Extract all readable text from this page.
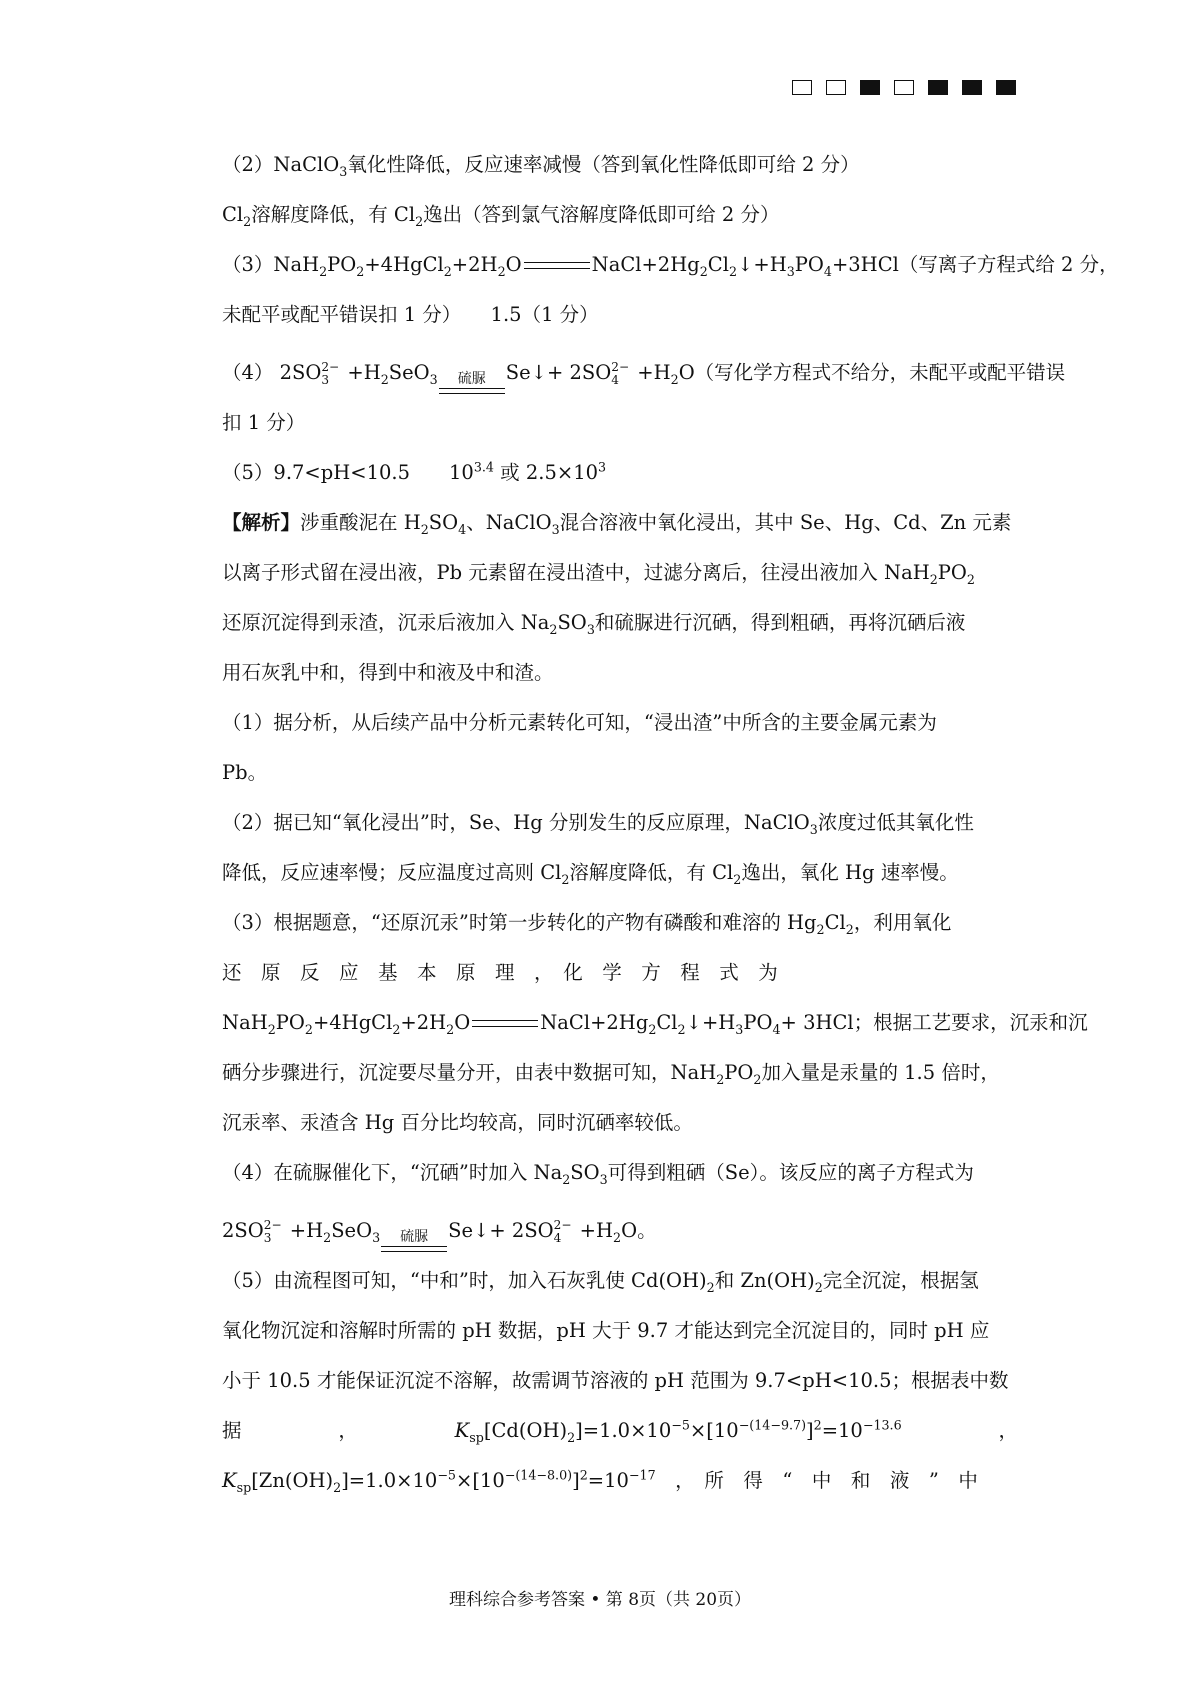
（2）NaClO$_3$氧化性降低，反应速率减慢（答到氧化性降低即可给 2 分）
$Cl_2$溶解度降低，有 $Cl_2$逸出（答到氯气溶解度降低即可给 2 分）
$(3)NaH_2PO_2+4HgCl_2+2H_2O$	$NaCl+2Hg_2Cl_2↓+H_3PO_4+3HCl$（写离子方程式给 2 分，
未配平或配平错误扣 1 分）　　1.5（1 分）
（4） 2SO 2−
$3 +H_2SeO_3$ 硫脲 Se↓+ 2SO 2−
$4 +H_2O$（写化学方程式不给分，未配平或配平错误
扣 1 分）
（5）9.7<pH<10.5　　$10^{3.4}$ 或 $2.5\times 10^3$
【解析】涉重酸泥在 $H_2SO_4$、NaClO$_3$混合溶液中氧化浸出，其中 Se、Hg、Cd、Zn 元素
以离子形式留在浸出液，Pb 元素留在浸出渣中，过滤分离后，往浸出液加入 $NaH_2PO_2$
还原沉淀得到汞渣，沉汞后液加入 $Na_2SO_3$和硫脲进行沉硒，得到粗硒，再将沉硒后液
用石灰乳中和，得到中和液及中和渣。
（1）据分析，从后续产品中分析元素转化可知，“浸出渣”中所含的主要金属元素为
Pb。
（2）据已知“氧化浸出”时，Se、Hg 分别发生的反应原理，NaClO$_3$浓度过低其氧化性
降低，反应速率慢；反应温度过高则 $Cl_2$溶解度降低，有 $Cl_2$逸出，氧化 Hg 速率慢。
（3）根据题意，“还原沉汞”时第一步转化的产物有磷酸和难溶的 $Hg_2Cl_2$，利用氧化
还　原　反　应　基　本　原　理　，　化　学　方　程　式　为
$NaH_2PO_2+4HgCl_2+2H_2O$	$NaCl+2Hg_2Cl_2↓+H_3PO_4+ 3HCl$；根据工艺要求，沉汞和沉
硒分步骤进行，沉淀要尽量分开，由表中数据可知，$NaH_2PO_2$加入量是汞量的 1.5 倍时，
沉汞率、汞渣含 Hg 百分比均较高，同时沉硒率较低。
（4）在硫脲催化下，“沉硒”时加入 $Na_2SO_3$可得到粗硒（Se）。该反应的离子方程式为
2SO 2−
$3 +H_2SeO_3$ 硫脲 Se↓+ 2SO 2−
$4 +H_2O$。
（5）由流程图可知，“中和”时，加入石灰乳使 $Cd(OH)_2$和 $Zn(OH)_2$完全沉淀，根据氢
氧化物沉淀和溶解时所需的 pH 数据，pH 大于 9.7 才能达到完全沉淀目的，同时 pH 应
小于 10.5 才能保证沉淀不溶解，故需调节溶液的 pH 范围为 9.7<pH<10.5；根据表中数
据	，	$K_{sp}[Cd(OH)_2]=1.0\times 10^{-5}\times[10^{-(14-9.7)}]^2=10^{-13.6}$	，
$K_{sp}[Zn(OH)_2]=1.0\times 10^{-5}\times[10^{-(14-8.0)}]^2=10^{-17}$　，　所　得　“　中　和　液　”　中
理科综合参考答案 • 第 8页（共 20页）
